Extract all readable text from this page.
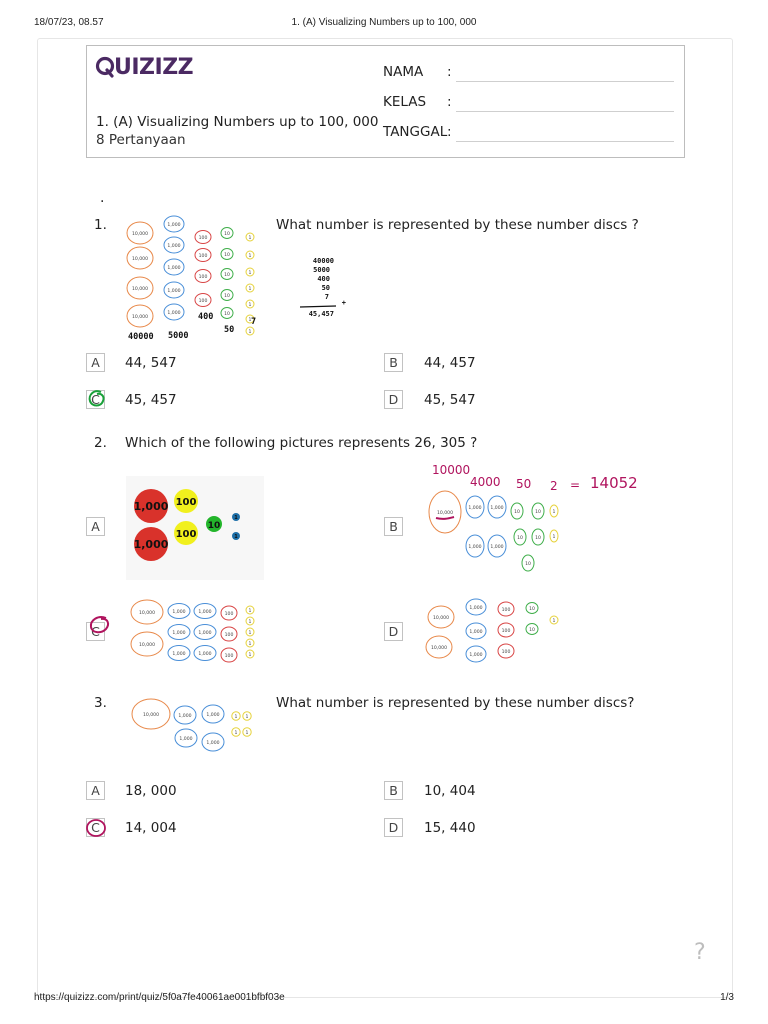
18/07/23, 08.57	1. (A) Visualizing Numbers up to 100, 000
UIZIZZ
1. (A) Visualizing Numbers up to 100, 000
8 Pertanyaan
NAMA :
KELAS :
TANGGAL :
.
1.
10,000
10,000
10,000
10,000
1,000
1,000
1,000
1,000
1,000
100
100
100
100
10
10
10
10
10
1
1
1
1
1
1
1
40000 5000
400
50
7
40000
5000
400
50
7
+
45,457
What number is represented by these number discs ?
A	44, 547	B	44, 457
C	45, 457	D	45, 547
2. Which of the following pictures represents 26, 305 ?
A
1,000
1,000
100
100
10
1
1
B
10,000
1,000 1,000
1,000 1,000
10	10
10	10
10
1
1
10000
4000 50 2 = 14052
C
10,000
10,000
1,000	1,000
1,000	1,000
1,000	1,000
100
100
100
1
1
1
1
1
D
10,000
10,000
1,000
1,000
1,000
100
100
100
10
10
1
3.
10,000	1,000	1,000
1,000
1,000
1 1
1 1
What number is represented by these number discs?
A	18, 000	B	10, 404
C	14, 004	D	15, 440
?
https://quizizz.com/print/quiz/5f0a7fe40061ae001bfbf03e	1/3
